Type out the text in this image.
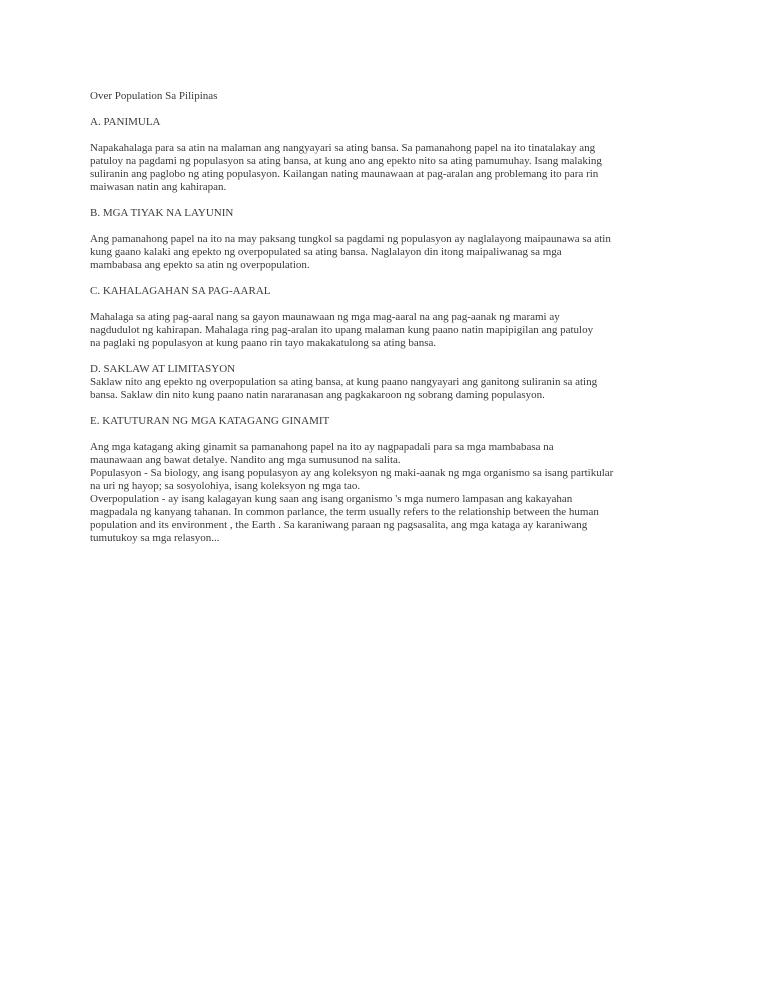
Over Population Sa Pilipinas
A. PANIMULA
Napakahalaga para sa atin na malaman ang nangyayari sa ating bansa. Sa pamanahong papel na ito tinatalakay ang
patuloy na pagdami ng populasyon sa ating bansa, at kung ano ang epekto nito sa ating pamumuhay. Isang malaking
suliranin ang paglobo ng ating populasyon. Kailangan nating maunawaan at pag-aralan ang problemang ito para rin
maiwasan natin ang kahirapan.
B. MGA TIYAK NA LAYUNIN
Ang pamanahong papel na ito na may paksang tungkol sa pagdami ng populasyon ay naglalayong maipaunawa sa atin
kung gaano kalaki ang epekto ng overpopulated sa ating bansa. Naglalayon din itong maipaliwanag sa mga
mambabasa ang epekto sa atin ng overpopulation.
C. KAHALAGAHAN SA PAG-AARAL
Mahalaga sa ating pag-aaral nang sa gayon maunawaan ng mga mag-aaral na ang pag-aanak ng marami ay
nagdudulot ng kahirapan. Mahalaga ring pag-aralan ito upang malaman kung paano natin mapipigilan ang patuloy
na paglaki ng populasyon at kung paano rin tayo makakatulong sa ating bansa.
D. SAKLAW AT LIMITASYON
Saklaw nito ang epekto ng overpopulation sa ating bansa, at kung paano nangyayari ang ganitong suliranin sa ating
bansa. Saklaw din nito kung paano natin nararanasan ang pagkakaroon ng sobrang daming populasyon.
E. KATUTURAN NG MGA KATAGANG GINAMIT
Ang mga katagang aking ginamit sa pamanahong papel na ito ay nagpapadali para sa mga mambabasa na
maunawaan ang bawat detalye. Nandito ang mga sumusunod na salita.
Populasyon - Sa biology, ang isang populasyon ay ang koleksyon ng maki-aanak ng mga organismo sa isang partikular
na uri ng hayop; sa sosyolohiya, isang koleksyon ng mga tao.
Overpopulation - ay isang kalagayan kung saan ang isang organismo 's mga numero lampasan ang kakayahan
magpadala ng kanyang tahanan. In common parlance, the term usually refers to the relationship between the human
population and its environment , the Earth . Sa karaniwang paraan ng pagsasalita, ang mga kataga ay karaniwang
tumutukoy sa mga relasyon...
